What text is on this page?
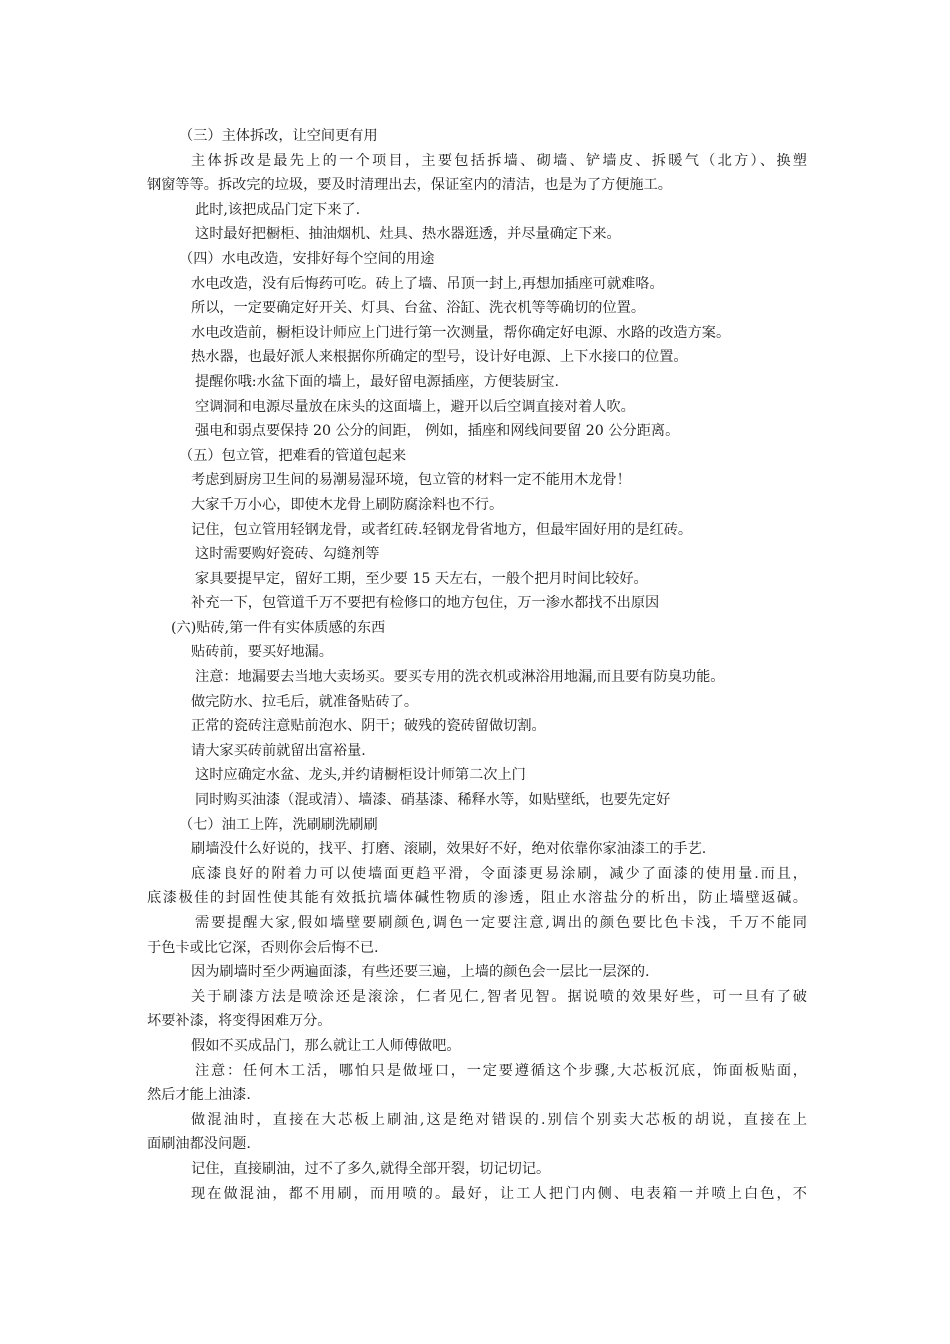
（三）主体拆改，让空间更有用
主体拆改是最先上的一个项目，主要包括拆墙、砌墙、铲墙皮、拆暖气（北方）、换塑
钢窗等等。拆改完的垃圾，要及时清理出去，保证室内的清洁，也是为了方便施工。
此时,该把成品门定下来了.
这时最好把橱柜、抽油烟机、灶具、热水器逛透，并尽量确定下来。
（四）水电改造，安排好每个空间的用途
水电改造，没有后悔药可吃。砖上了墙、吊顶一封上,再想加插座可就难咯。
所以，一定要确定好开关、灯具、台盆、浴缸、洗衣机等等确切的位置。
水电改造前，橱柜设计师应上门进行第一次测量，帮你确定好电源、水路的改造方案。
热水器，也最好派人来根据你所确定的型号，设计好电源、上下水接口的位置。
提醒你哦:水盆下面的墙上，最好留电源插座，方便装厨宝.
空调洞和电源尽量放在床头的这面墙上，避开以后空调直接对着人吹。
强电和弱点要保持 20 公分的间距， 例如，插座和网线间要留 20 公分距离。
（五）包立管，把难看的管道包起来
考虑到厨房卫生间的易潮易湿环境，包立管的材料一定不能用木龙骨！
大家千万小心，即使木龙骨上刷防腐涂料也不行。
记住，包立管用轻钢龙骨，或者红砖.轻钢龙骨省地方，但最牢固好用的是红砖。
这时需要购好瓷砖、勾缝剂等
家具要提早定，留好工期，至少要 15 天左右，一般个把月时间比较好。
补充一下，包管道千万不要把有检修口的地方包住，万一渗水都找不出原因
(六)贴砖,第一件有实体质感的东西
贴砖前，要买好地漏。
注意：地漏要去当地大卖场买。要买专用的洗衣机或淋浴用地漏,而且要有防臭功能。
做完防水、拉毛后，就准备贴砖了。
正常的瓷砖注意贴前泡水、阴干；破残的瓷砖留做切割。
请大家买砖前就留出富裕量.
这时应确定水盆、龙头,并约请橱柜设计师第二次上门
同时购买油漆（混或清）、墙漆、硝基漆、稀释水等，如贴壁纸，也要先定好
（七）油工上阵，洗刷刷洗刷刷
刷墙没什么好说的，找平、打磨、滚刷，效果好不好，绝对依靠你家油漆工的手艺.
底漆良好的附着力可以使墙面更趋平滑，令面漆更易涂刷，减少了面漆的使用量.而且，
底漆极佳的封固性使其能有效抵抗墙体碱性物质的渗透，阻止水溶盐分的析出，防止墙壁返碱。
需要提醒大家,假如墙壁要刷颜色,调色一定要注意,调出的颜色要比色卡浅，千万不能同
于色卡或比它深，否则你会后悔不已.
因为刷墙时至少两遍面漆，有些还要三遍，上墙的颜色会一层比一层深的.
关于刷漆方法是喷涂还是滚涂，仁者见仁,智者见智。据说喷的效果好些，可一旦有了破
坏要补漆，将变得困难万分。
假如不买成品门，那么就让工人师傅做吧。
注意：任何木工活，哪怕只是做垭口，一定要遵循这个步骤,大芯板沉底，饰面板贴面，
然后才能上油漆.
做混油时，直接在大芯板上刷油,这是绝对错误的.别信个别卖大芯板的胡说，直接在上
面刷油都没问题.
记住，直接刷油，过不了多久,就得全部开裂，切记切记。
现在做混油，都不用刷，而用喷的。最好，让工人把门内侧、电表箱一并喷上白色，不
